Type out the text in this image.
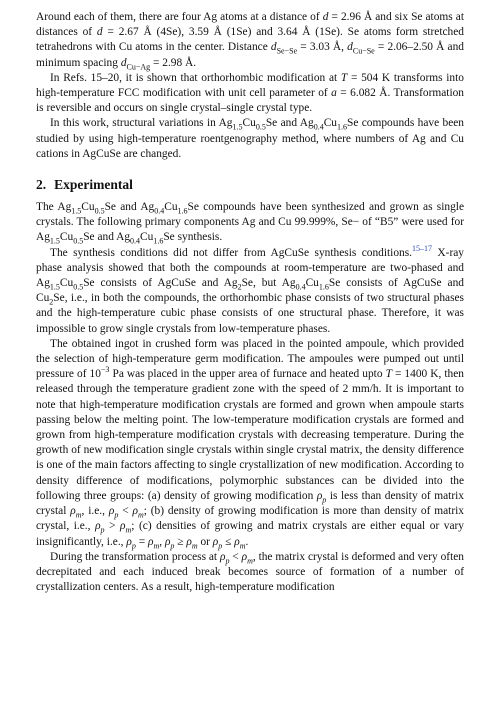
Around each of them, there are four Ag atoms at a distance of d = 2.96 Å and six Se atoms at distances of d = 2.67 Å (4Se), 3.59 Å (1Se) and 3.64 Å (1Se). Se atoms form stretched tetrahedrons with Cu atoms in the center. Distance $d_{Se-Se} = 3.03$ Å, $d_{Cu-Se} = 2.06-2.50$ Å and minimum spacing $d_{Cu-Ag} = 2.98$ Å.

In Refs. 15–20, it is shown that orthorhombic modification at T = 504 K transforms into high-temperature FCC modification with unit cell parameter of a = 6.082 Å. Transformation is reversible and occurs on single crystal–single crystal type.

In this work, structural variations in $Ag_{1.5}Cu_{0.5}Se$ and $Ag_{0.4}Cu_{1.6}Se$ compounds have been studied by using high-temperature roentgenography method, where numbers of Ag and Cu cations in AgCuSe are changed.

2. Experimental

The $Ag_{1.5}Cu_{0.5}Se$ and $Ag_{0.4}Cu_{1.6}Se$ compounds have been synthesized and grown as single crystals. The following primary components Ag and Cu 99.999%, Se− of “B5” were used for $Ag_{1.5}Cu_{0.5}Se$ and $Ag_{0.4}Cu_{1.6}Se$ synthesis.

The synthesis conditions did not differ from AgCuSe synthesis conditions.$^{15-17}$ X-ray phase analysis showed that both the compounds at room-temperature are two-phased and $Ag_{1.5}Cu_{0.5}Se$ consists of AgCuSe and $Ag_2Se$, but $Ag_{0.4}Cu_{1.6}Se$ consists of AgCuSe and $Cu_2Se$, i.e., in both the compounds, the orthorhombic phase consists of two structural phases and the high-temperature cubic phase consists of one structural phase. Therefore, it was impossible to grow single crystals from low-temperature phases.

The obtained ingot in crushed form was placed in the pointed ampoule, which provided the selection of high-temperature germ modification. The ampoules were pumped out until pressure of $10^{-3}$ Pa was placed in the upper area of furnace and heated upto T = 1400 K, then released through the temperature gradient zone with the speed of 2 mm/h. It is important to note that high-temperature modification crystals are formed and grown when ampoule starts passing below the melting point. The low-temperature modification crystals are formed and grown from high-temperature modification crystals with decreasing temperature. During the growth of new modification single crystals within single crystal matrix, the density difference is one of the main factors affecting to single crystallization of new modification. According to density difference of modifications, polymorphic substances can be divided into the following three groups: (a) density of growing modification $\rho_p$ is less than density of matrix crystal $\rho_m$, i.e., $\rho_p < \rho_m$; (b) density of growing modification is more than density of matrix crystal, i.e., $\rho_p > \rho_m$; (c) densities of growing and matrix crystals are either equal or vary insignificantly, i.e., $\rho_p = \rho_m$, $\rho_p \ge \rho_m$ or $\rho_p \le \rho_m$.

During the transformation process at $\rho_p < \rho_m$, the matrix crystal is deformed and very often decrepitated and each induced break becomes source of formation of a number of crystallization centers. As a result, high-temperature modification
